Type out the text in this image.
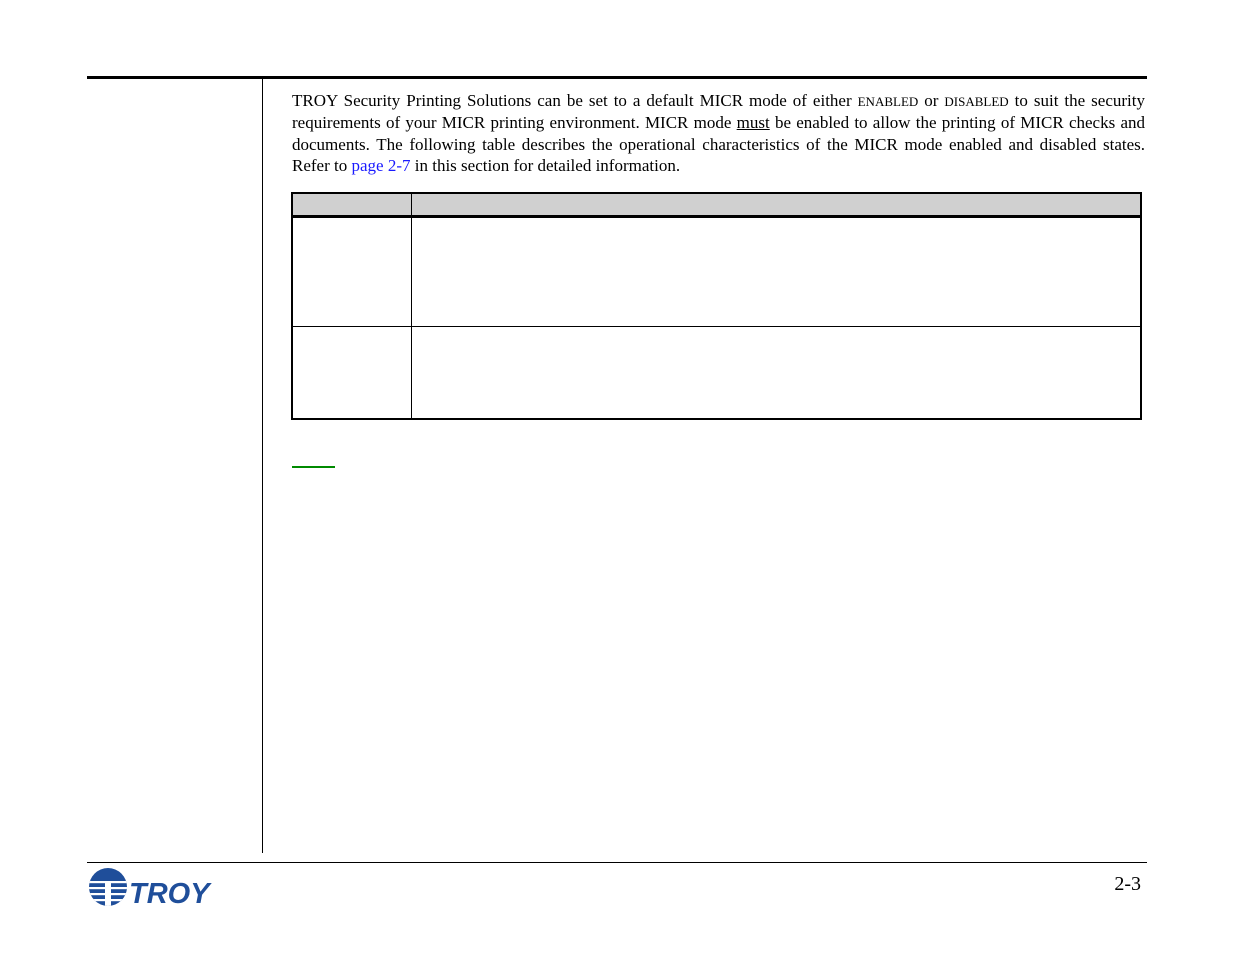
TROY Security Printing Solutions can be set to a default MICR mode of either ENABLED or DISABLED to suit the security requirements of your MICR printing environment. MICR mode must be enabled to allow the printing of MICR checks and documents. The following table describes the operational characteristics of the MICR mode enabled and disabled states. Refer to page 2-7 in this section for detailed information.

TROY	2-3
